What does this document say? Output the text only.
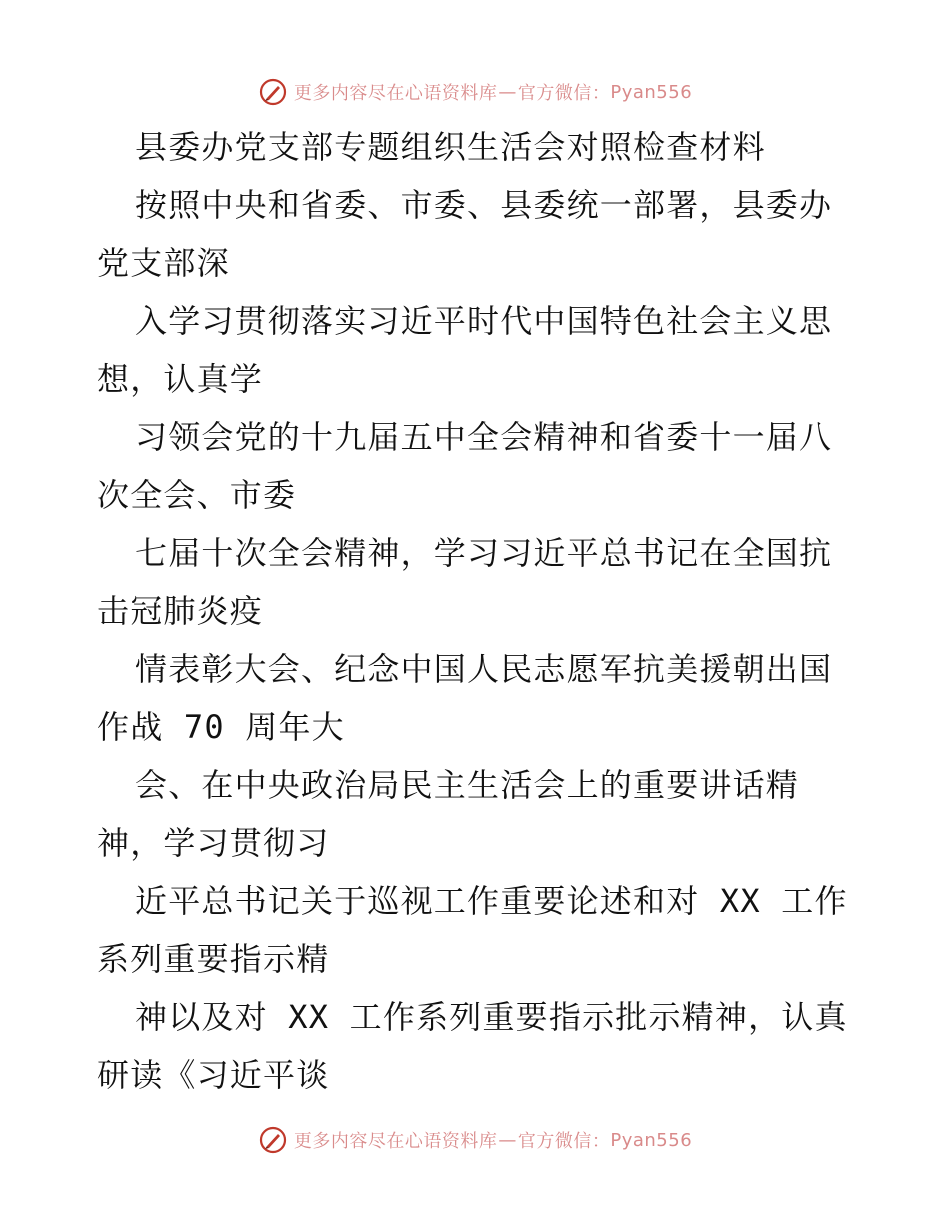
更多内容尽在心语资料库 — 官方微信： Pyan556
县委办党支部专题组织生活会对照检查材料
按照中央和省委、市委、县委统一部署，县委办
党支部深
入学习贯彻落实习近平时代中国特色社会主义思
想，认真学
习领会党的十九届五中全会精神和省委十一届八
次全会、市委
七届十次全会精神，学习习近平总书记在全国抗
击冠肺炎疫
情表彰大会、纪念中国人民志愿军抗美援朝出国
作战 70 周年大
会、在中央政治局民主生活会上的重要讲话精
神，学习贯彻习
近平总书记关于巡视工作重要论述和对 XX 工作
系列重要指示精
神以及对 XX 工作系列重要指示批示精神，认真
研读《习近平谈
更多内容尽在心语资料库 — 官方微信： Pyan556
